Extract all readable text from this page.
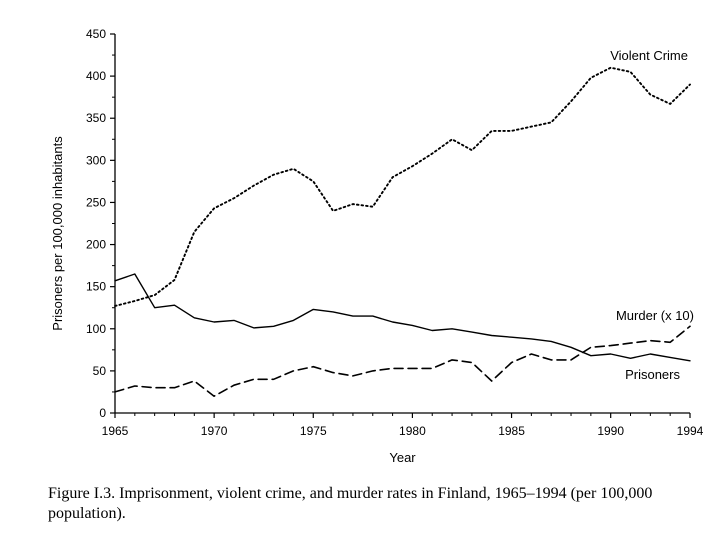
0
50
100
150
200
250
300
350
400
450
1965	1970	1975	1980	1985	1990	1994
Year
Prisoners per 100,000 inhabitants
Violent Crime
Murder (x 10)
Prisoners
Figure I.3. Imprisonment, violent crime, and murder rates in Finland, 1965–1994 (per 100,000 population).
